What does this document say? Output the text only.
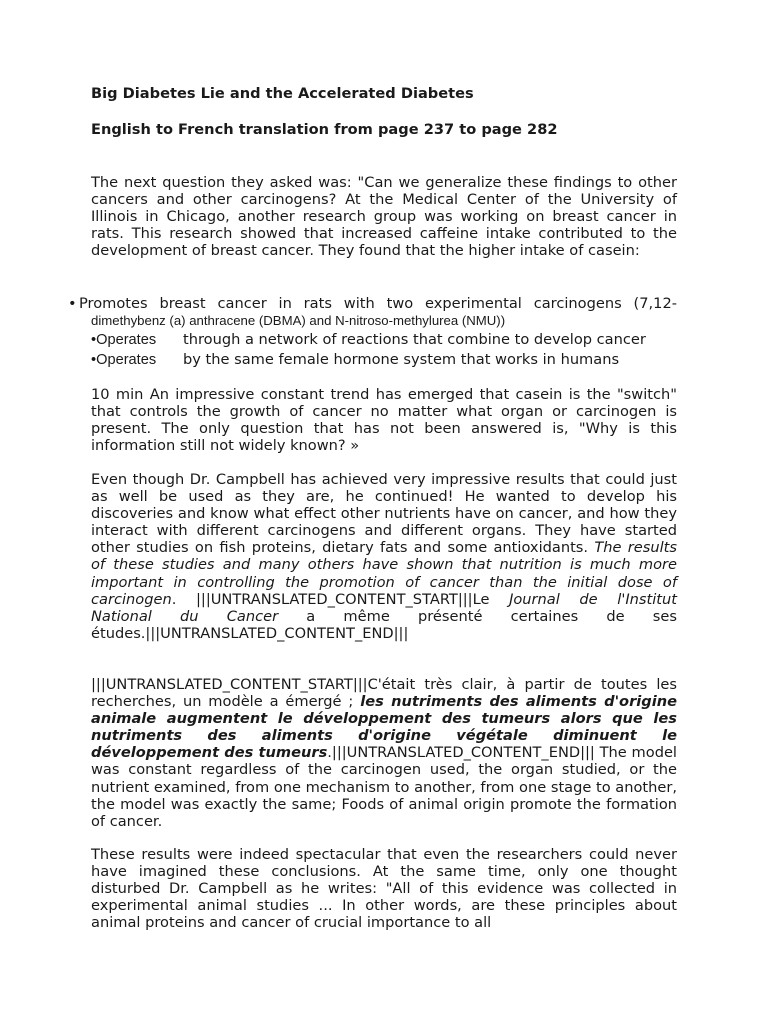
Big Diabetes Lie and the Accelerated Diabetes
English to French translation from page 237 to page 282

The next question they asked was: "Can we generalize these findings to other cancers and other carcinogens? At the Medical Center of the University of Illinois in Chicago, another research group was working on breast cancer in rats. This research showed that increased caffeine intake contributed to the development of breast cancer. They found that the higher intake of casein:

10 min An impressive constant trend has emerged that casein is the "switch" that controls the growth of cancer no matter what organ or carcinogen is present. The only question that has not been answered is, "Why is this information still not widely known? »

Even though Dr. Campbell has achieved very impressive results that could just as well be used as they are, he continued! He wanted to develop his discoveries and know what effect other nutrients have on cancer, and how they interact with different carcinogens and different organs. They have started other studies on fish proteins, dietary fats and some antioxidants. The results of these studies and many others have shown that nutrition is much more important in controlling the promotion of cancer than the initial dose of carcinogen. |||UNTRANSLATED_CONTENT_START|||Le Journal de l'Institut National du Cancer a même présenté certaines de ses études.|||UNTRANSLATED_CONTENT_END|||

|||UNTRANSLATED_CONTENT_START|||C'était très clair, à partir de toutes les recherches, un modèle a émergé ; les nutriments des aliments d'origine animale augmentent le développement des tumeurs alors que les nutriments des aliments d'origine végétale diminuent le développement des tumeurs.|||UNTRANSLATED_CONTENT_END||| The model was constant regardless of the carcinogen used, the organ studied, or the nutrient examined, from one mechanism to another, from one stage to another, the model was exactly the same; Foods of animal origin promote the formation of cancer.

These results were indeed spectacular that even the researchers could never have imagined these conclusions. At the same time, only one thought disturbed Dr. Campbell as he writes: "All of this evidence was collected in experimental animal studies ... In other words, are these principles about animal proteins and cancer of crucial importance to all

• Promotes breast cancer in rats with two experimental carcinogens (7,12-
dimethybenz (a) anthracene (DBMA) and N-nitroso-methylurea (NMU))
•Operates through a network of reactions that combine to develop cancer
•Operates by the same female hormone system that works in humans
